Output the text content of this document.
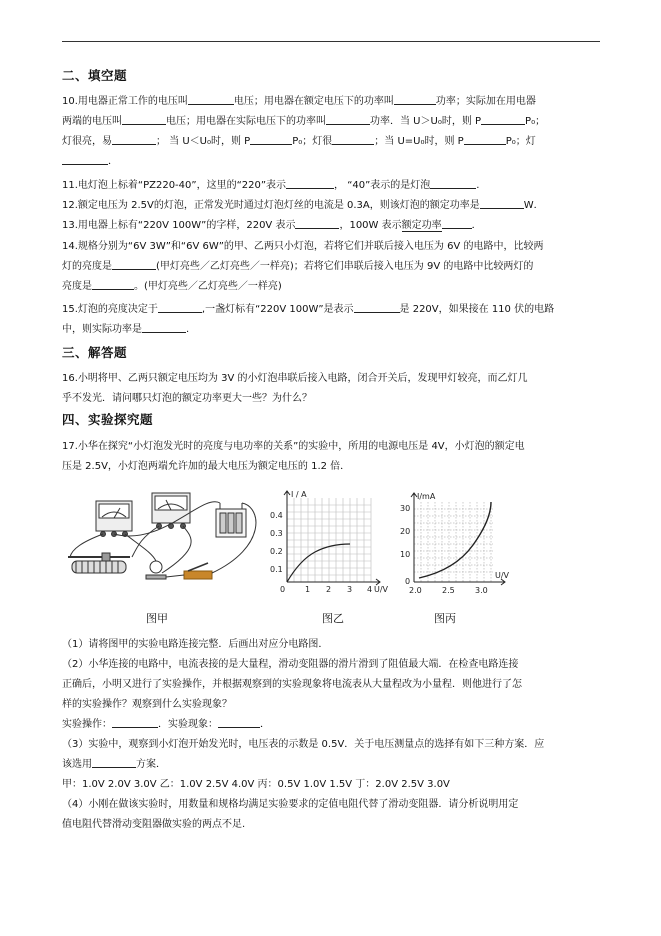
二、填空题
10.用电器正常工作的电压叫	电压；用电器在额定电压下的功率叫	功率；实际加在用电器
两端的电压叫	电压；用电器在实际电压下的功率叫	功率．当 U＞U₀时，则 P	P₀；
灯很亮，易	； 当 U＜U₀时，则 P	P₀；灯很	；当 U=U₀时，则 P	P₀；灯
．
11.电灯泡上标着“PZ220-40”，这里的“220”表示	， “40”表示的是灯泡	.
12.额定电压为 2.5V的灯泡，正常发光时通过灯泡灯丝的电流是 0.3A，则该灯泡的额定功率是	W．
13.用电器上标有“220V 100W”的字样，220V 表示	，100W 表示额定功率	．
14.规格分别为“6V 3W”和“6V 6W”的甲、乙两只小灯泡，若将它们并联后接入电压为 6V 的电路中，比较两
灯的亮度是	(甲灯亮些／乙灯亮些／一样亮)；若将它们串联后接入电压为 9V 的电路中比较两灯的
亮度是	。(甲灯亮些／乙灯亮些／一样亮)
15.灯泡的亮度决定于	,一盏灯标有“220V 100W”是表示	是 220V，如果接在 110 伏的电路
中，则实际功率是	.
三、解答题
16.小明将甲、乙两只额定电压均为 3V 的小灯泡串联后接入电路，闭合开关后，发现甲灯较亮，而乙灯几
乎不发光．请问哪只灯泡的额定功率更大一些？为什么？
四、实验探究题
17.小华在探究“小灯泡发光时的亮度与电功率的关系”的实验中，所用的电源电压是 4V，小灯泡的额定电
压是 2.5V，小灯泡两端允许加的最大电压为额定电压的 1.2 倍．
图甲
I / A
0.4
0.3
0.2
0.1
0 1 2 3 4 U/V
图乙
I/mA
30
20
10
0
2.0	2.5	3.0
U/V
图丙
（1）请将图甲的实验电路连接完整．后画出对应分电路图．
（2）小华连接的电路中，电流表接的是大量程，滑动变阻器的滑片滑到了阻值最大端．在检查电路连接
正确后，小明又进行了实验操作，并根据观察到的实验现象将电流表从大量程改为小量程．则他进行了怎
样的实验操作？观察到什么实验现象？
实验操作：	．实验现象：	．
（3）实验中，观察到小灯泡开始发光时，电压表的示数是 0.5V．关于电压测量点的选择有如下三种方案．应
该选用	方案．
甲：1.0V 2.0V 3.0V 乙：1.0V 2.5V 4.0V 丙：0.5V 1.0V 1.5V 丁：2.0V 2.5V 3.0V
（4）小刚在做该实验时，用数量和规格均满足实验要求的定值电阻代替了滑动变阻器．请分析说明用定
值电阻代替滑动变阻器做实验的两点不足.
